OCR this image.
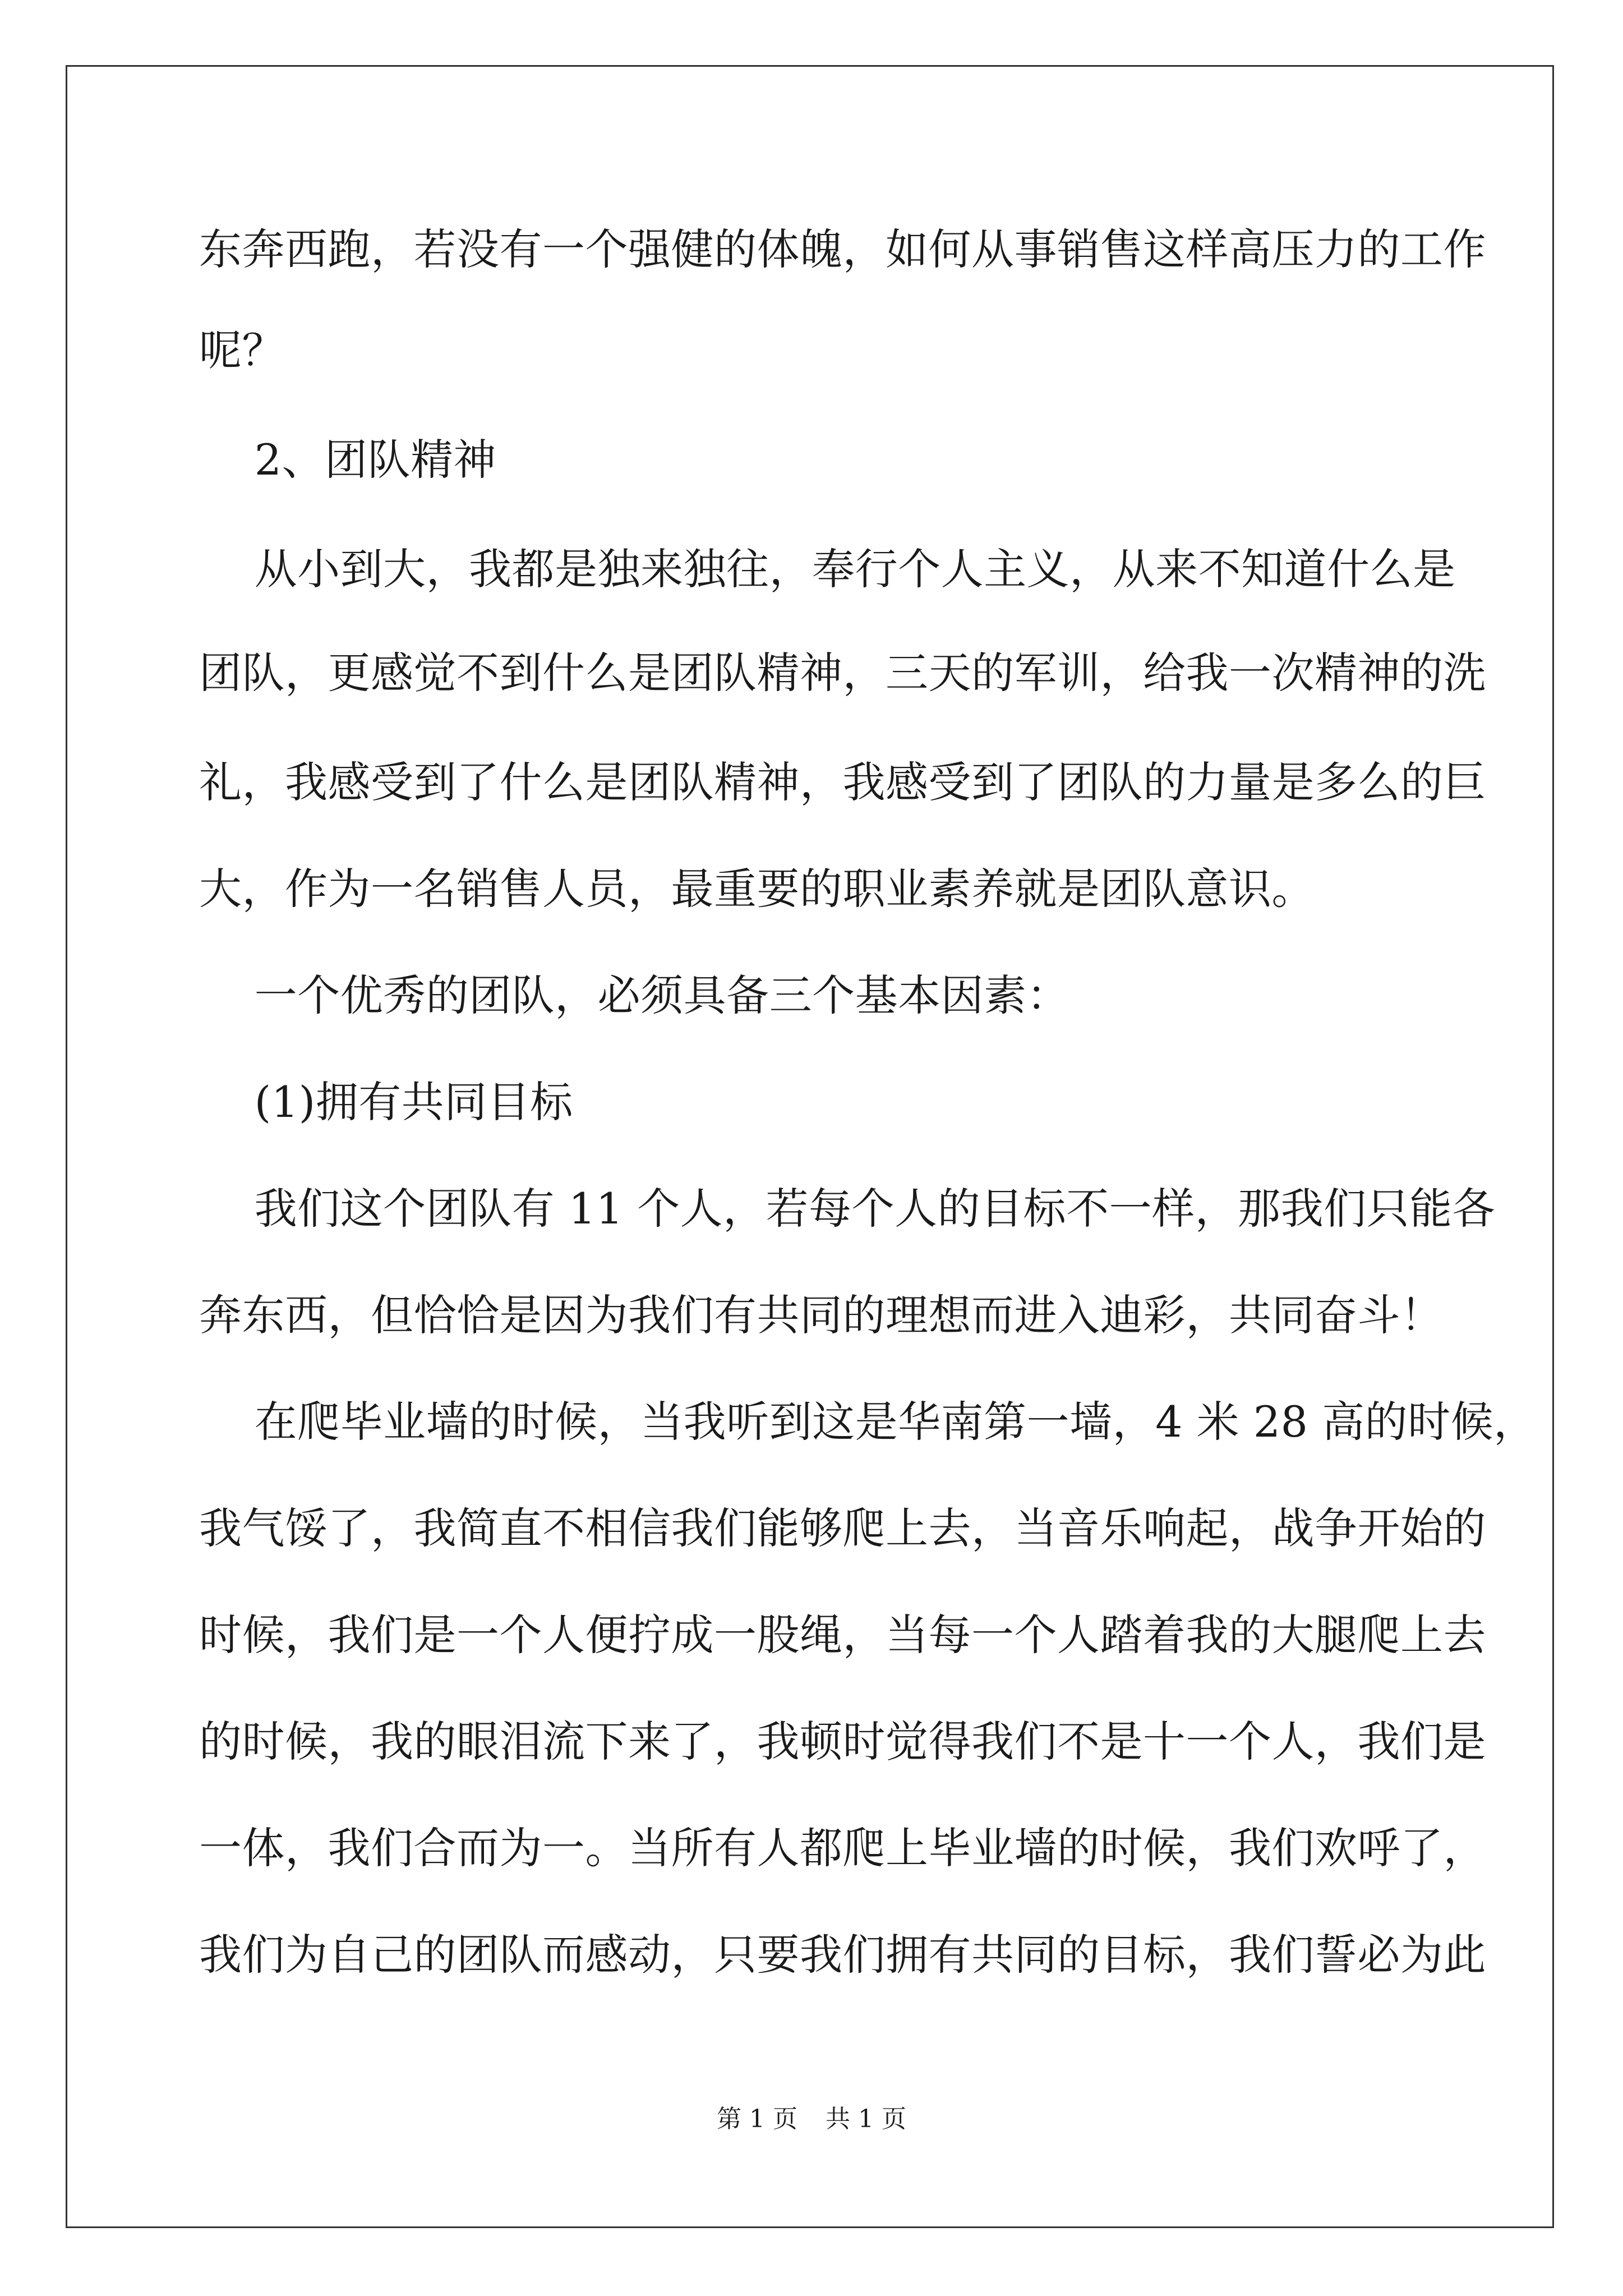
东奔西跑，若没有一个强健的体魄，如何从事销售这样高压力的工作
呢？
2、团队精神
从小到大，我都是独来独往，奉行个人主义，从来不知道什么是
团队，更感觉不到什么是团队精神，三天的军训，给我一次精神的洗
礼，我感受到了什么是团队精神，我感受到了团队的力量是多么的巨
大，作为一名销售人员，最重要的职业素养就是团队意识。
一个优秀的团队，必须具备三个基本因素：
(1)拥有共同目标
我们这个团队有 11 个人，若每个人的目标不一样，那我们只能各
奔东西，但恰恰是因为我们有共同的理想而进入迪彩，共同奋斗！
在爬毕业墙的时候，当我听到这是华南第一墙，4 米 28 高的时候，
我气馁了，我简直不相信我们能够爬上去，当音乐响起，战争开始的
时候，我们是一个人便拧成一股绳，当每一个人踏着我的大腿爬上去
的时候，我的眼泪流下来了，我顿时觉得我们不是十一个人，我们是
一体，我们合而为一。当所有人都爬上毕业墙的时候，我们欢呼了，
我们为自己的团队而感动，只要我们拥有共同的目标，我们誓必为此
第 1 页 共 1 页
